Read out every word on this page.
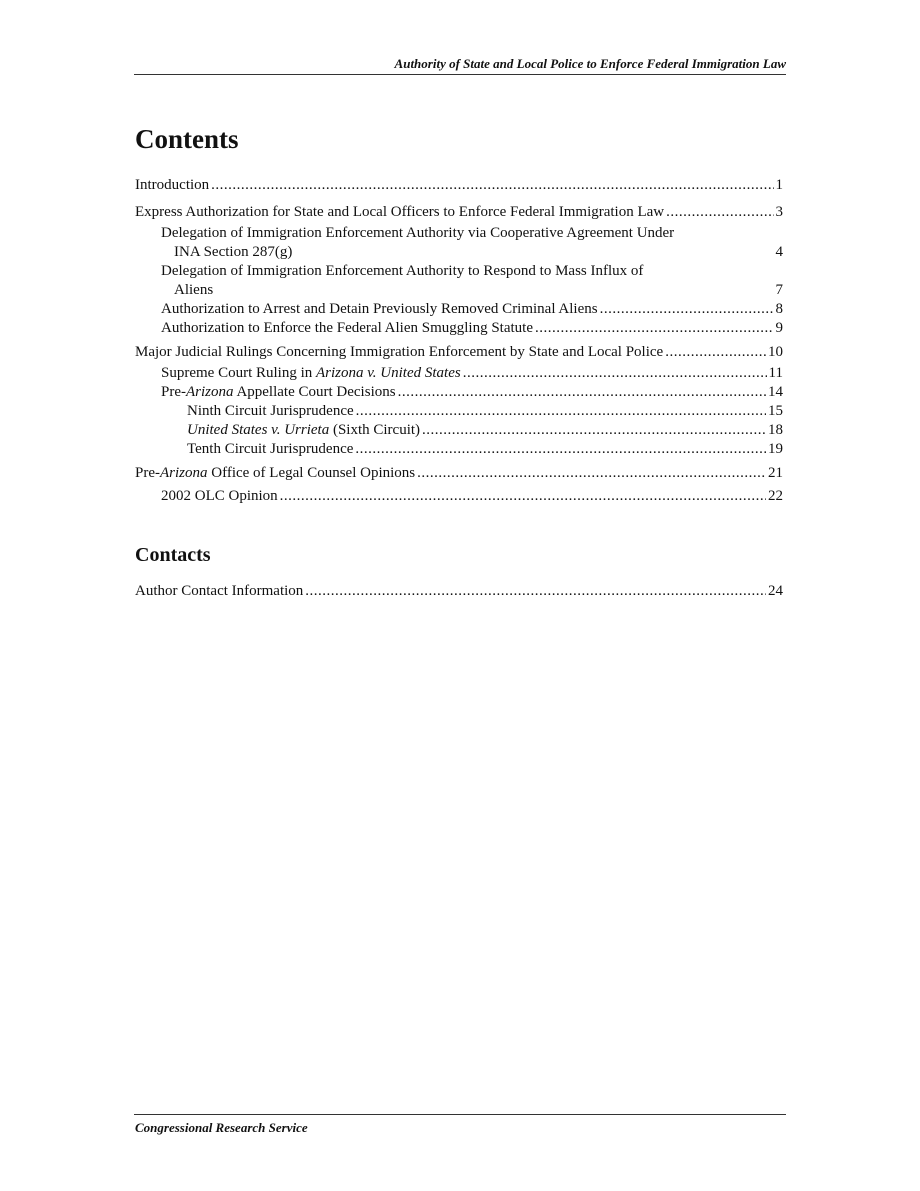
Authority of State and Local Police to Enforce Federal Immigration Law
Contents
Introduction .....	1
Express Authorization for State and Local Officers to Enforce Federal Immigration Law .....	3
Delegation of Immigration Enforcement Authority via Cooperative Agreement Under
INA Section 287(g)	4
Delegation of Immigration Enforcement Authority to Respond to Mass Influx of
Aliens	7
Authorization to Arrest and Detain Previously Removed Criminal Aliens .....	8
Authorization to Enforce the Federal Alien Smuggling Statute .....	9
Major Judicial Rulings Concerning Immigration Enforcement by State and Local Police .....	10
Supreme Court Ruling in Arizona v. United States .....	11
Pre-Arizona Appellate Court Decisions .....	14
Ninth Circuit Jurisprudence .....	15
United States v. Urrieta (Sixth Circuit) .....	18
Tenth Circuit Jurisprudence .....	19
Pre-Arizona Office of Legal Counsel Opinions .....	21
2002 OLC Opinion .....	22
Contacts
Author Contact Information .....	24
Congressional Research Service
